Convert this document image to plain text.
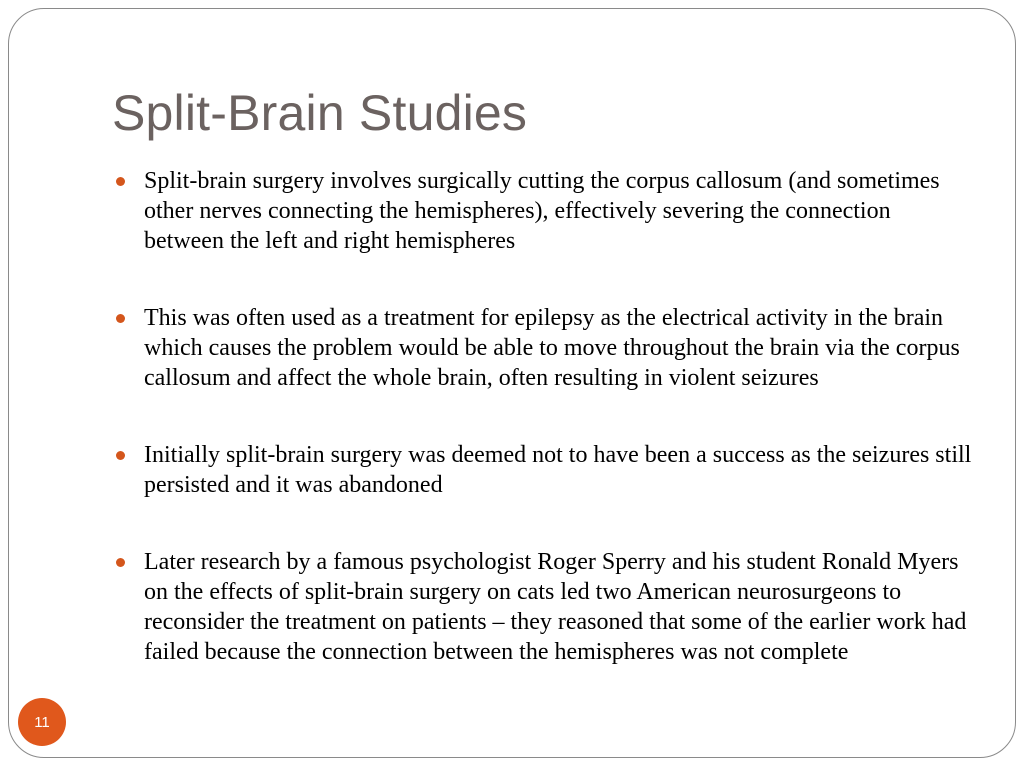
Split-Brain Studies
Split-brain surgery involves surgically cutting the corpus callosum (and sometimes other nerves connecting the hemispheres), effectively severing the connection between the left and right hemispheres
This was often used as a treatment for epilepsy as the electrical activity in the brain which causes the problem would be able to move throughout the brain via the corpus callosum and affect the whole brain, often resulting in violent seizures
Initially split-brain surgery was deemed not to have been a success as the seizures still persisted and it was abandoned
Later research by a famous psychologist Roger Sperry and his student Ronald Myers on the effects of split-brain surgery on cats led two American neurosurgeons to reconsider the treatment on patients – they reasoned that some of the earlier work had failed because the connection between the hemispheres was not complete
11
